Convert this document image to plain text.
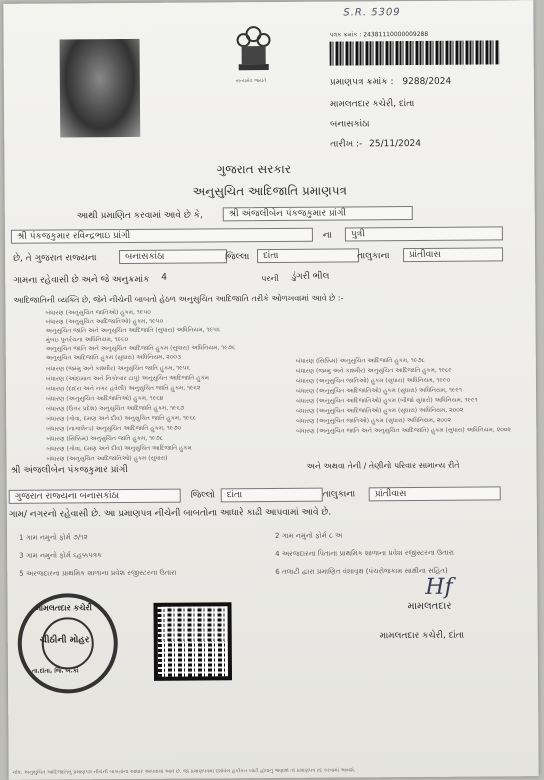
S.R. 5309
સત્યમેવ જયતે
પત્રક ક્રમાંક : 24381110000009288
પ્રમાણપત્ર ક્રમાંક : 9288/2024
મામલતદાર કચેરી, દાંતા
બનાસકાંઠા
તારીખ :- 25/11/2024
ગુજરાત સરકાર
અનુસુચિત આદિજાતિ પ્રમાણપત્ર
આથી પ્રમાણિત કરવામાં આવે છે કે,	શ્રી અંજલીબેન પંકજકુમાર પ્રાંગી
શ્રી પંકજકુમાર રવિન્દ્રભાઇ પ્રાંગી	ના	પુત્રી
છે, તે ગુજરાત રાજ્યના	બનાસકાંઠા	જિલ્લા	દાંતા	તાલુકાના	પ્રાંતીવાસ
ગામના રહેવાસી છે અને જે અનુક્રમાંક 4	પરની ડુંગરી ભીલ
આદિજાતિની વ્યક્તિ છે, જેને નીચેની બાબતો હેઠળ અનુસુચિત આદિજાતિ તરીકે ઓળખવામાં આવે છે :-
બંધારણ (અનુસુચિત જાતિઓ) હુકમ, ૧૯૫૦
બંધારણ (અનુસુચિત આદિજાતિઓ) હુકમ, ૧૯૫૦
અનુસુચિત જાતિ અને અનુસુચિત આદિજાતિ (સુધારા) અધિનિયમ, ૧૯૫૬
મુંબઇ પુનર્રચના અધિનિયમ, ૧૯૬૦
અનુસુચિત જાતિ અને અનુસુચિત આદિજાતિ હુકમ (સુધારા) અધિનિયમ, ૧૯૭૬
અનુસુચિત આદિજાતિ હુકમ (સુધારા) અધિનિયમ, ૨૦૦૩
બંધારણ (જમ્મુ અને કાશ્મીર) અનુસુચિત જાતિ હુકમ, ૧૯૫૬
બંધારણ (આંદામાન અને નિકોબાર ટાપુ) અનુસુચિત આદિજાતિ હુકમ
બંધારણ (દાદરા અને નગર હવેલી) અનુસુચિત જાતિ હુકમ, ૧૯૬૨
બંધારણ (અનુસુચિત આદિજાતિઓ) હુકમ, ૧૯૬૪
બંધારણ (ઉત્તર પ્રદેશ) અનુસુચિત આદિજાતિ હુકમ, ૧૯૬૭
બંધારણ (ગોવા, દમણ અને દીવ) અનુસુચિત જાતિ હુકમ, ૧૯૬૮
બંધારણ (નાગાલેન્ડ) અનુસુચિત આદિજાતિ હુકમ, ૧૯૭૦
બંધારણ (સિક્કિમ) અનુસુચિત જાતિ હુકમ, ૧૯૭૮
બંધારણ (ગોવા, દમણ અને દીવ) અનુસુચિત આદિજાતિ હુકમ
બંધારણ (અનુસુચિત આદિજાતિઓ) હુકમ (સુધારા)
બંધારણ (સિક્કિમ) અનુસુચિત આદિજાતિ હુકમ, ૧૯૭૮
બંધારણ (જમ્મુ અને કાશ્મીર) અનુસુચિત આદિજાતિ હુકમ, ૧૯૮૯
બંધારણ (અનુસુચિત જાતિઓ) હુકમ (સુધારા) અધિનિયમ, ૧૯૯૦
બંધારણ (અનુસુચિત આદિજાતિઓ) હુકમ (સુધારા) અધિનિયમ, ૧૯૯૧
બંધારણ (અનુસુચિત આદિજાતિઓ) હુકમ (બીજો સુધારો) અધિનિયમ, ૧૯૯૧
બંધારણ (અનુસુચિત આદિજાતિઓ) હુકમ (સુધારા) અધિનિયમ, ૨૦૦૨
બંધારણ (અનુસુચિત જાતિઓ) હુકમ (સુધારા) અધિનિયમ, ૨૦૦૨
બંધારણ (અનુસુચિત જાતિ અને અનુસુચિત આદિજાતિ) હુકમ (સુધારા) અધિનિયમ, ૨૦૦૨
શ્રી અંજલીબેન પંકજકુમાર પ્રાંગી	અને અથવા તેની / તેણીનો પરિવાર સામાન્ય રીતે
ગુજરાત રાજ્યના બનાસકાંઠા	જિલ્લો	દાંતા	તાલુકાના	પ્રાંતીવાસ
ગામ/ નગરનો રહેવાસી છે. આ પ્રમાણપત્ર નીચેની બાબતોના આધારે કાઢી આપવામાં આવે છે.
1 ગામ નમુનો ફોર્મ ૭/૧૨
3 ગામ નમુનો ફોર્મ ૬હક્કપત્રક
5 અરજદારના પ્રાથમિક શાળાના પ્રવેશ રજીસ્ટરના ઉતારા
2 ગામ નમુનો ફોર્મ ૮ અ
4 અરજદારના પિતાના પ્રાથમિક શાળાના પ્રવેશ રજીસ્ટરના ઉતારા
6 તલાટી દ્વારા પ્રમાણિત વંશાવૃક્ષ (પંચરોજકામ સાક્ષીના સહિત)
મામલતદાર કચેરી
ચીઠીની મોહર
તા.દાંતા, જિ. બ.કાં
Hf
મામલતદાર
મામલતદાર કચેરી, દાંતા
નોંધ: અનુસુચિત આદિજાતિનું પ્રમાણપત્ર નીચેની બાબતોના આધારે આપવામાં આવે છે. જો પ્રમાણપત્રમાં દર્શાવેલ હકીકત ખોટી હોવાનું જણાશે તો પ્રમાણપત્ર રદ કરવામાં આવશે.
